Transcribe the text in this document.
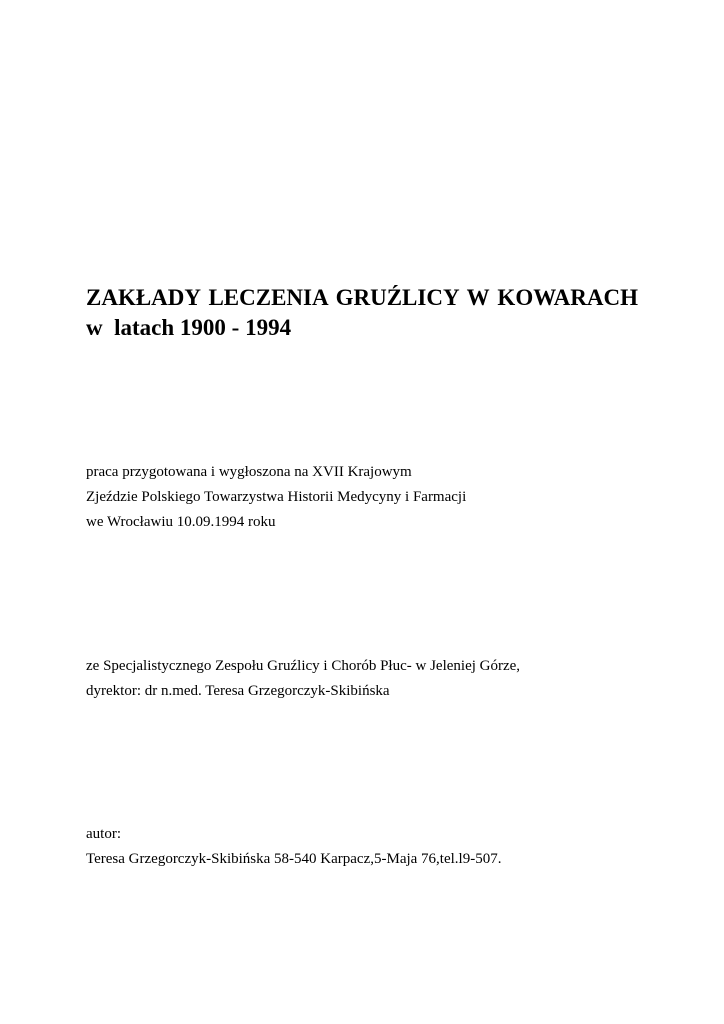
ZAKŁADY LECZENIA GRUŹLICY W KOWARACH
w  latach 1900 - 1994
praca przygotowana i wygłoszona na XVII Krajowym
Zjeździe Polskiego Towarzystwa Historii Medycyny i Farmacji
we Wrocławiu 10.09.1994 roku
ze Specjalistycznego Zespołu Gruźlicy i Chorób Płuc- w Jeleniej Górze,
dyrektor: dr n.med. Teresa Grzegorczyk-Skibińska
autor:
Teresa Grzegorczyk-Skibińska 58-540 Karpacz,5-Maja 76,tel.l9-507.
